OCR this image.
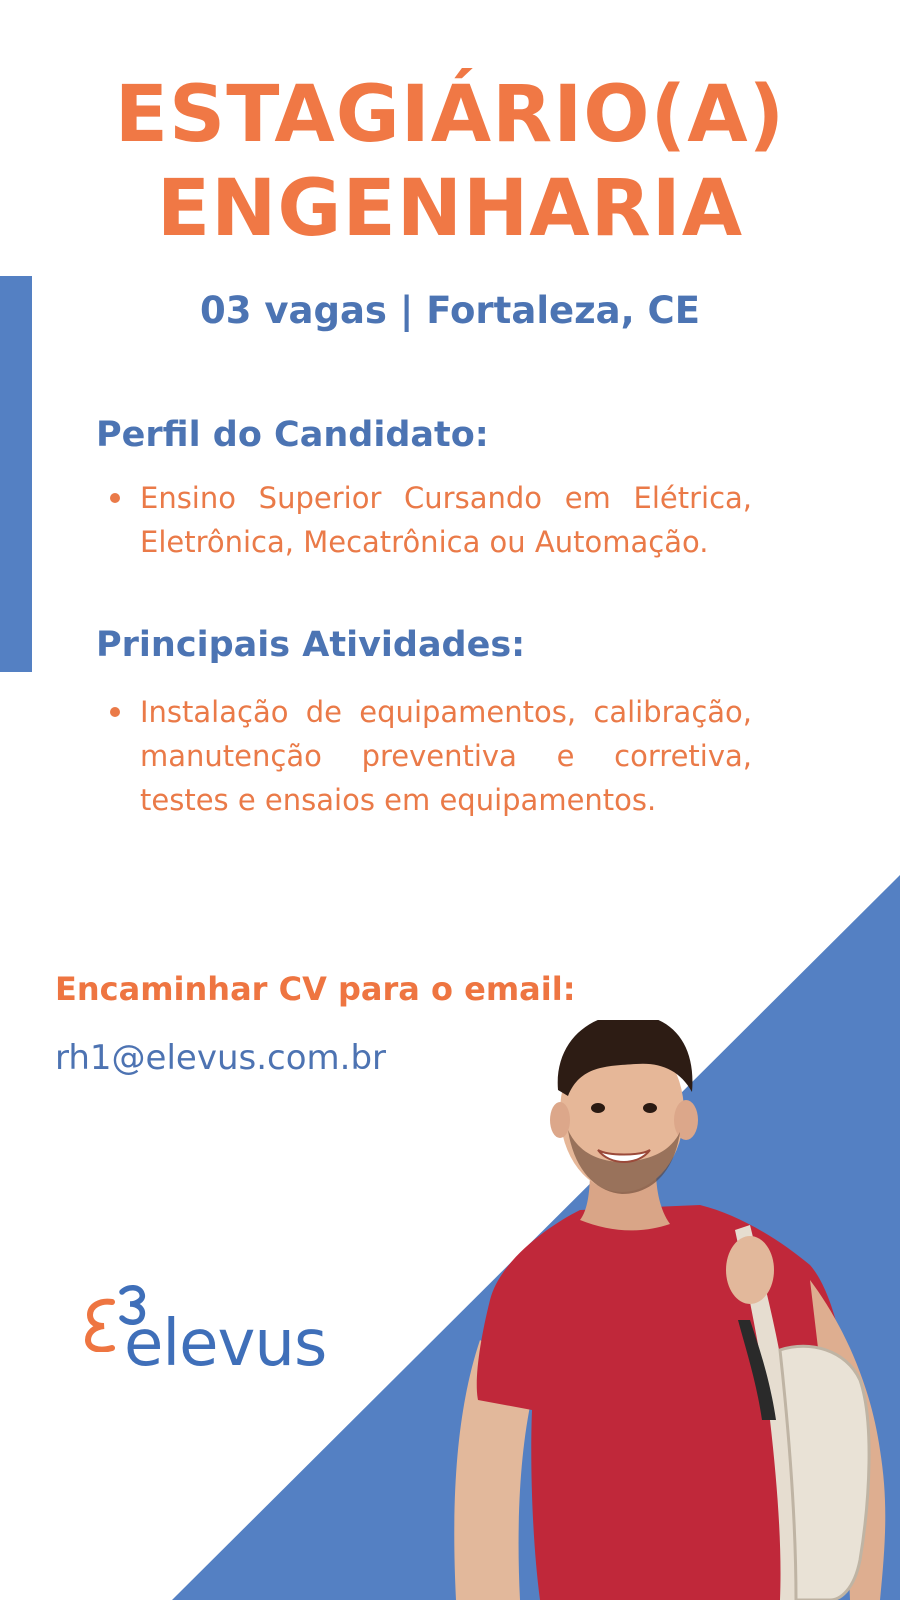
ESTAGIÁRIO(A)
ENGENHARIA
03 vagas | Fortaleza, CE
Perfil do Candidato:
Ensino Superior Cursando em Elétrica, Eletrônica, Mecatrônica ou Automação.
Principais Atividades:
Instalação de equipamentos, calibração, manutenção preventiva e corretiva, testes e ensaios em equipamentos.
Encaminhar CV para o email:
rh1@elevus.com.br
elevus
